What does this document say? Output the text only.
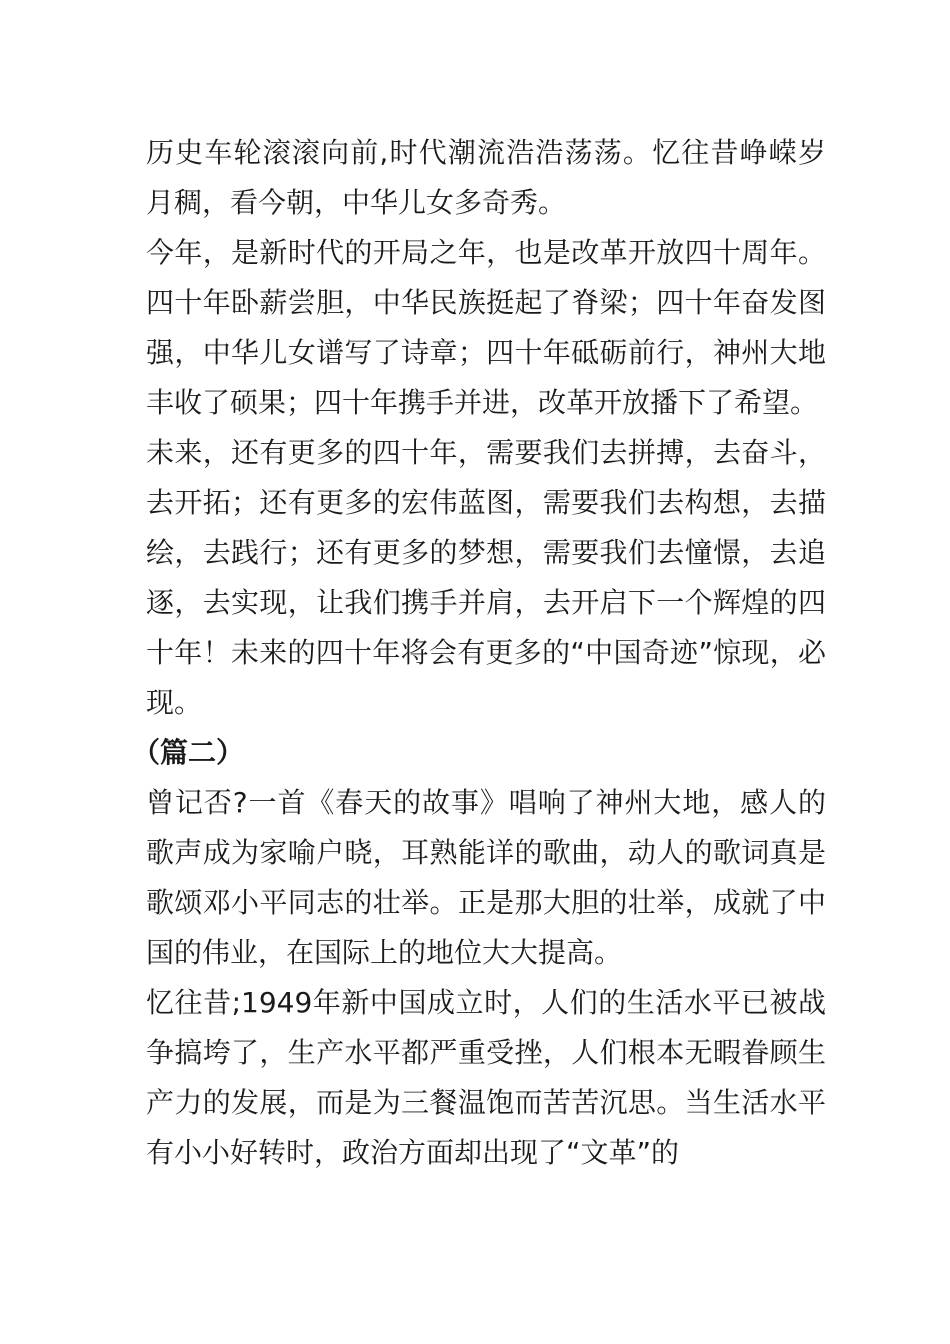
历史车轮滚滚向前,时代潮流浩浩荡荡。忆往昔峥嵘岁月稠，看今朝，中华儿女多奇秀。

今年，是新时代的开局之年，也是改革开放四十周年。四十年卧薪尝胆，中华民族挺起了脊梁；四十年奋发图强，中华儿女谱写了诗章；四十年砥砺前行，神州大地丰收了硕果；四十年携手并进，改革开放播下了希望。

未来，还有更多的四十年，需要我们去拼搏，去奋斗，去开拓；还有更多的宏伟蓝图，需要我们去构想，去描绘，去践行；还有更多的梦想，需要我们去憧憬，去追逐，去实现，让我们携手并肩，去开启下一个辉煌的四十年！未来的四十年将会有更多的“中国奇迹”惊现，必现。

（篇二）

曾记否?一首《春天的故事》唱响了神州大地，感人的歌声成为家喻户晓，耳熟能详的歌曲，动人的歌词真是歌颂邓小平同志的壮举。正是那大胆的壮举，成就了中国的伟业，在国际上的地位大大提高。

忆往昔;1949年新中国成立时，人们的生活水平已被战争搞垮了，生产水平都严重受挫，人们根本无暇眷顾生产力的发展，而是为三餐温饱而苦苦沉思。当生活水平有小小好转时，政治方面却出现了“文革”的
